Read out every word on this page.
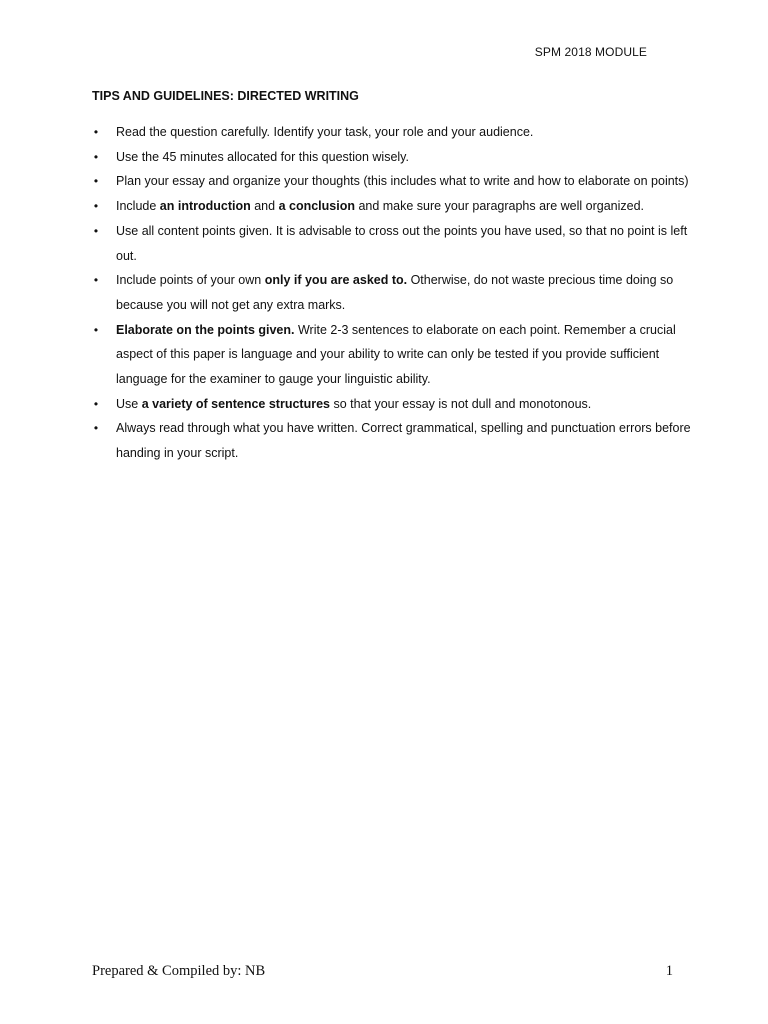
SPM 2018 MODULE
TIPS AND GUIDELINES: DIRECTED WRITING
• Read the question carefully. Identify your task, your role and your audience.
• Use the 45 minutes allocated for this question wisely.
• Plan your essay and organize your thoughts (this includes what to write and how to elaborate on points)
• Include an introduction and a conclusion and make sure your paragraphs are well organized.
• Use all content points given. It is advisable to cross out the points you have used, so that no point is left out.
• Include points of your own only if you are asked to. Otherwise, do not waste precious time doing so because you will not get any extra marks.
• Elaborate on the points given. Write 2-3 sentences to elaborate on each point. Remember a crucial aspect of this paper is language and your ability to write can only be tested if you provide sufficient language for the examiner to gauge your linguistic ability.
• Use a variety of sentence structures so that your essay is not dull and monotonous.
• Always read through what you have written. Correct grammatical, spelling and punctuation errors before handing in your script.
Prepared & Compiled by: NB	1
